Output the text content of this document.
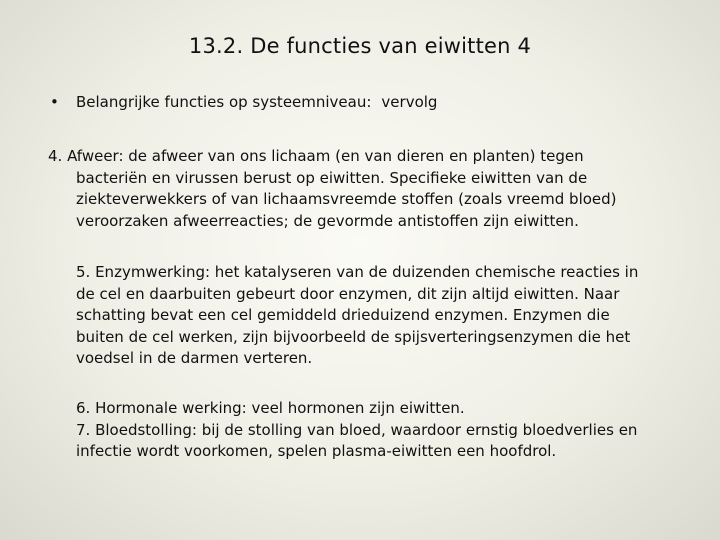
13.2. De functies van eiwitten 4
• Belangrijke functies op systeemniveau: vervolg
4. Afweer: de afweer van ons lichaam (en van dieren en planten) tegen
bacteriën en virussen berust op eiwitten. Specifieke eiwitten van de
ziekteverwekkers of van lichaamsvreemde stoffen (zoals vreemd bloed)
veroorzaken afweerreacties; de gevormde antistoffen zijn eiwitten.
5. Enzymwerking: het katalyseren van de duizenden chemische reacties in
de cel en daarbuiten gebeurt door enzymen, dit zijn altijd eiwitten. Naar
schatting bevat een cel gemiddeld drieduizend enzymen. Enzymen die
buiten de cel werken, zijn bijvoorbeeld de spijsverteringsenzymen die het
voedsel in de darmen verteren.
6. Hormonale werking: veel hormonen zijn eiwitten.
7. Bloedstolling: bij de stolling van bloed, waardoor ernstig bloedverlies en
infectie wordt voorkomen, spelen plasma-eiwitten een hoofdrol.
